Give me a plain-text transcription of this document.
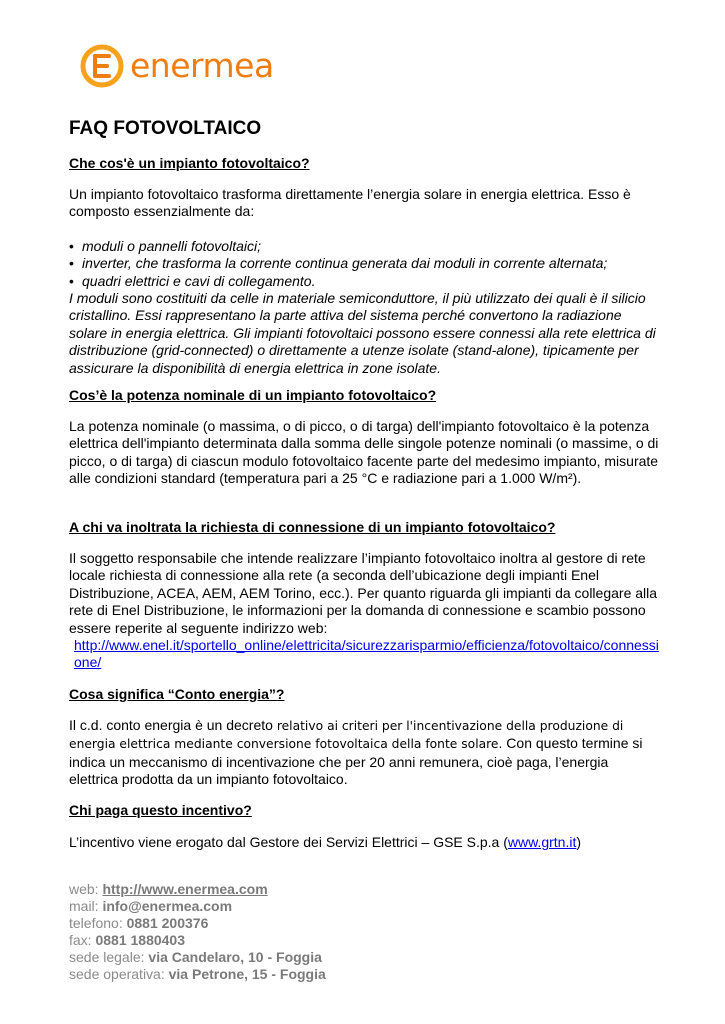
enermea
FAQ FOTOVOLTAICO

Che cos'è un impianto fotovoltaico?

Un impianto fotovoltaico trasforma direttamente l’energia solare in energia elettrica. Esso è composto essenzialmente da:

• moduli o pannelli fotovoltaici;
• inverter, che trasforma la corrente continua generata dai moduli in corrente alternata;
• quadri elettrici e cavi di collegamento.

I moduli sono costituiti da celle in materiale semiconduttore, il più utilizzato dei quali è il silicio cristallino. Essi rappresentano la parte attiva del sistema perché convertono la radiazione solare in energia elettrica. Gli impianti fotovoltaici possono essere connessi alla rete elettrica di distribuzione (grid-connected) o direttamente a utenze isolate (stand-alone), tipicamente per assicurare la disponibilità di energia elettrica in zone isolate.

Cos’è la potenza nominale di un impianto fotovoltaico?

La potenza nominale (o massima, o di picco, o di targa) dell'impianto fotovoltaico è la potenza elettrica dell'impianto determinata dalla somma delle singole potenze nominali (o massime, o di picco, o di targa) di ciascun modulo fotovoltaico facente parte del medesimo impianto, misurate alle condizioni standard (temperatura pari a 25 °C e radiazione pari a 1.000 W/m²).

A chi va inoltrata la richiesta di connessione di un impianto fotovoltaico?

Il soggetto responsabile che intende realizzare l’impianto fotovoltaico inoltra al gestore di rete locale richiesta di connessione alla rete (a seconda dell’ubicazione degli impianti Enel Distribuzione, ACEA, AEM, AEM Torino, ecc.). Per quanto riguarda gli impianti da collegare alla rete di Enel Distribuzione, le informazioni per la domanda di connessione e scambio possono essere reperite al seguente indirizzo web:

http://www.enel.it/sportello_online/elettricita/sicurezzarisparmio/efficienza/fotovoltaico/connessione/

Cosa significa “Conto energia”?

Il c.d. conto energia è un decreto relativo ai criteri per l'incentivazione della produzione di energia elettrica mediante conversione fotovoltaica della fonte solare. Con questo termine si indica un meccanismo di incentivazione che per 20 anni remunera, cioè paga, l’energia elettrica prodotta da un impianto fotovoltaico.

Chi paga questo incentivo?

L’incentivo viene erogato dal Gestore dei Servizi Elettrici – GSE S.p.a (www.grtn.it)

web: http://www.enermea.com
mail: info@enermea.com
telefono: 0881 200376
fax: 0881 1880403
sede legale: via Candelaro, 10 - Foggia
sede operativa: via Petrone, 15 - Foggia
